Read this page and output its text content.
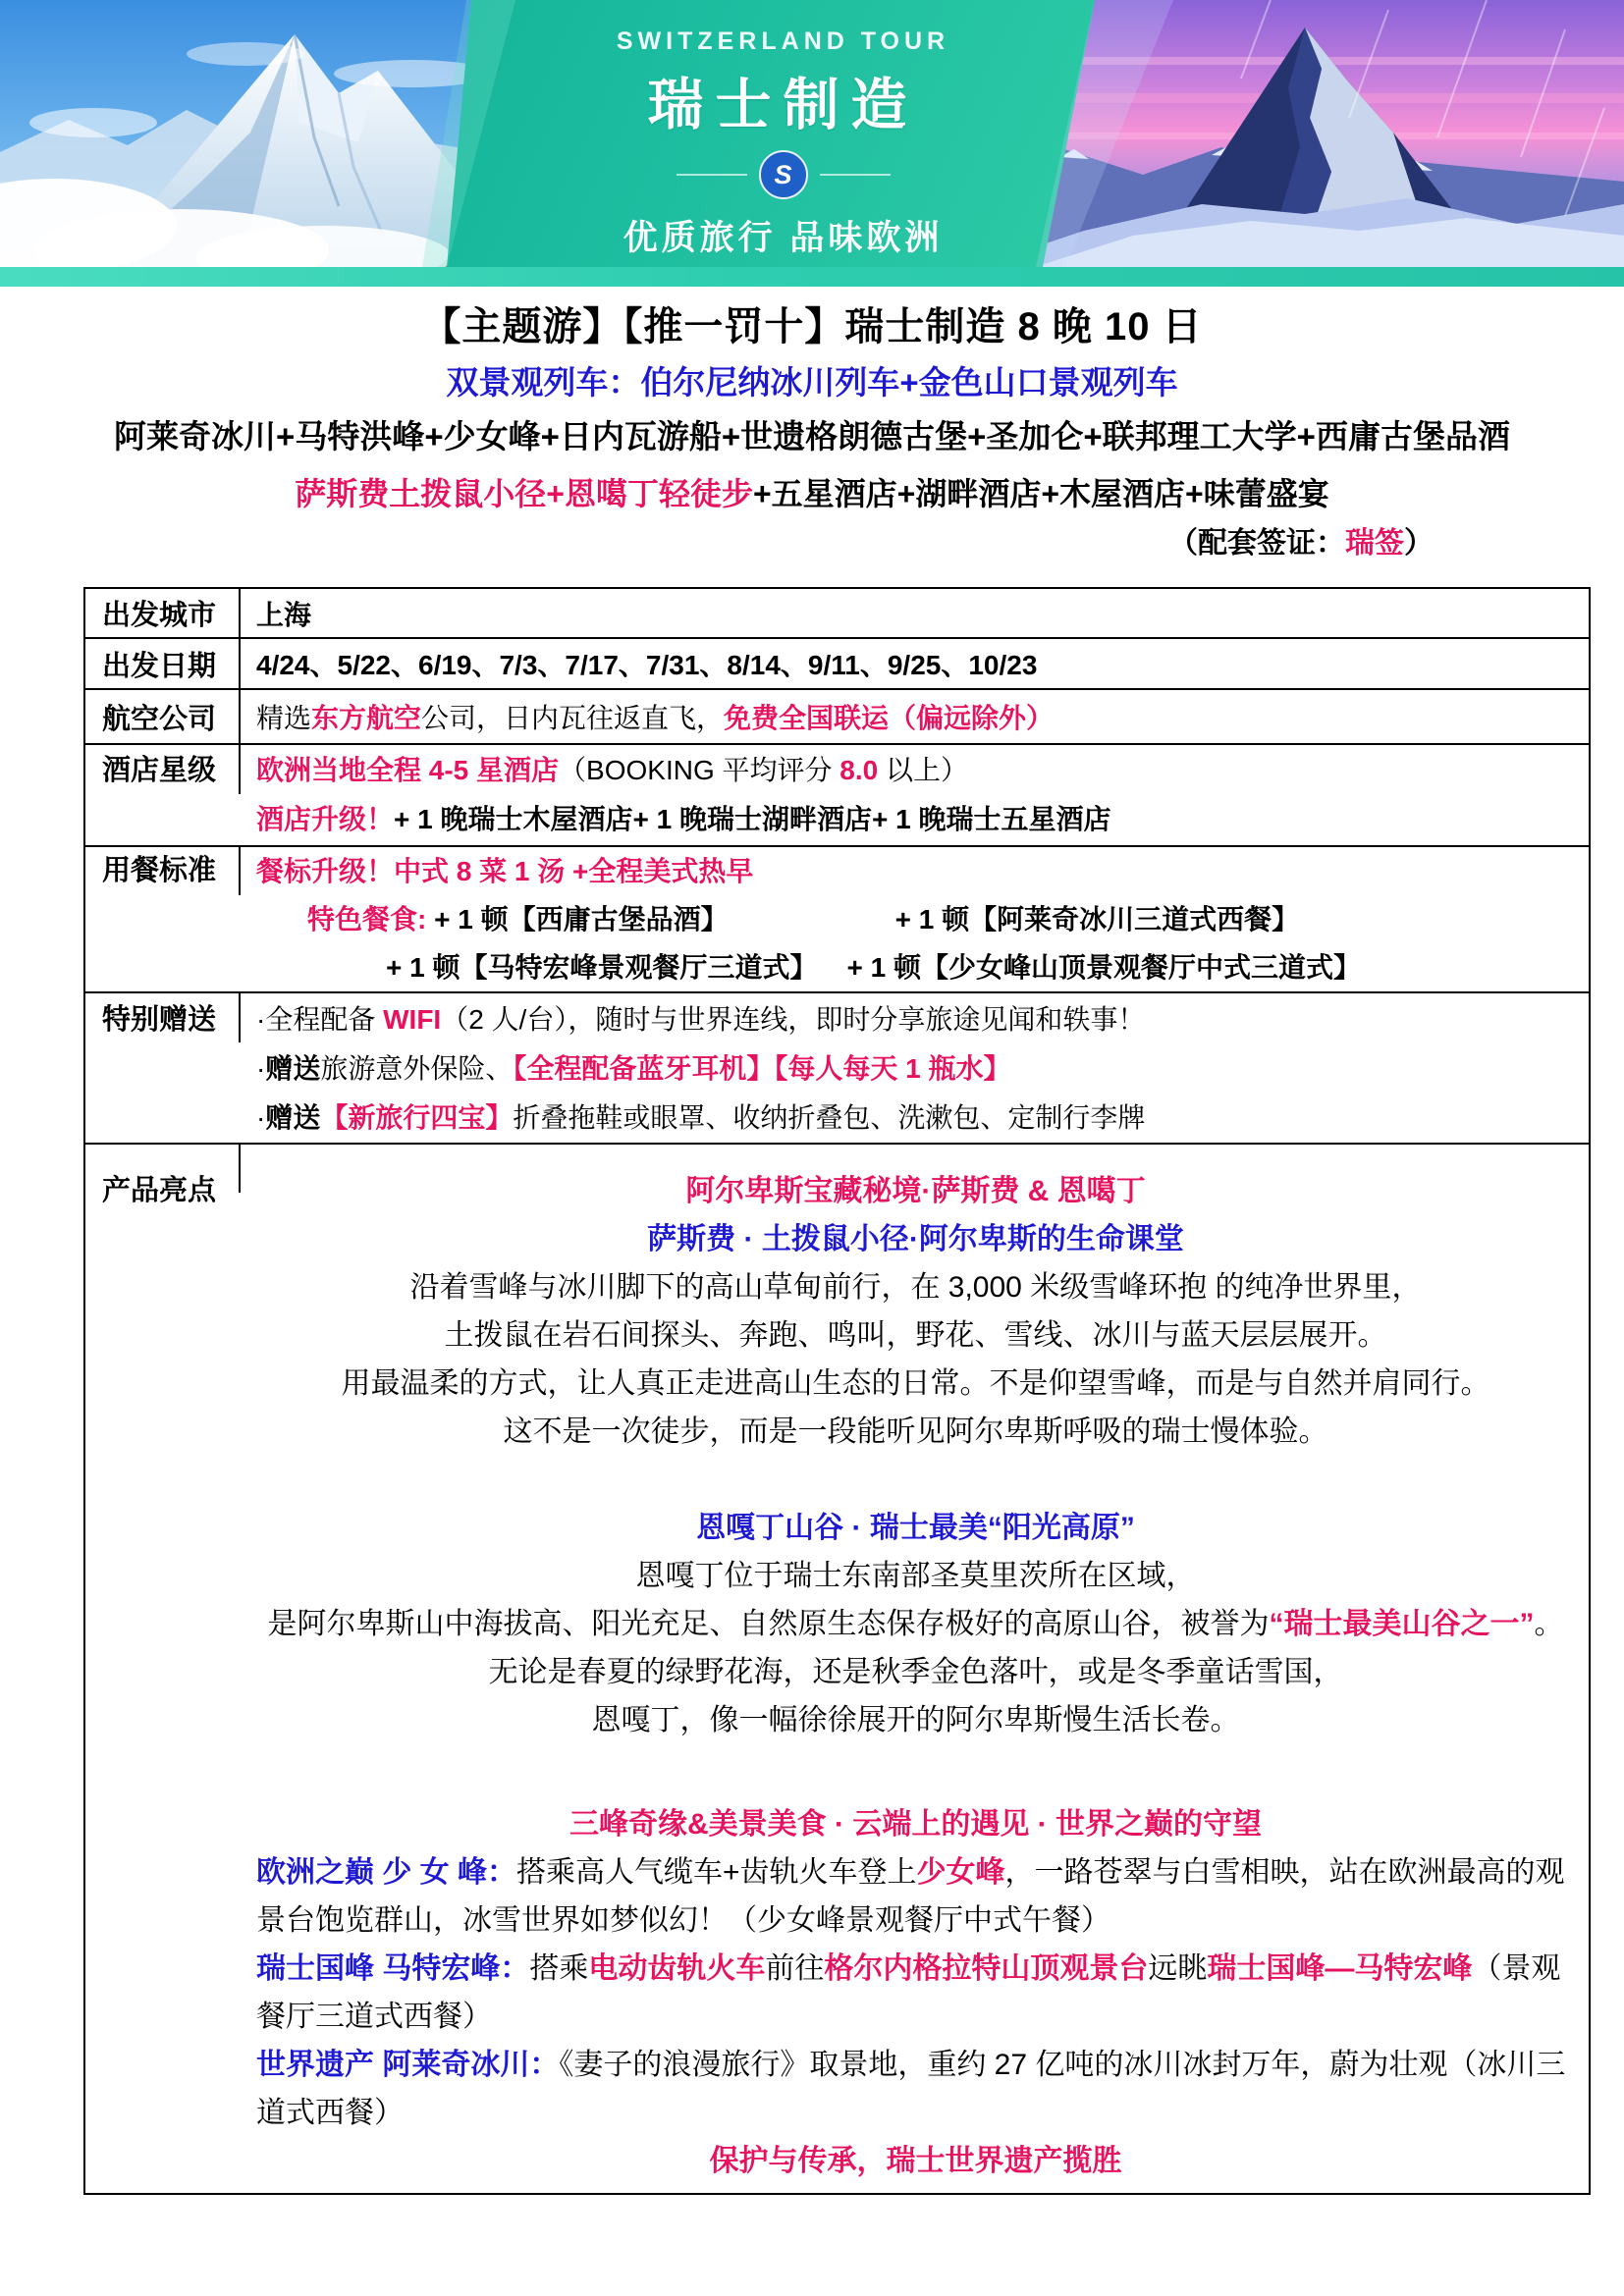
SWITZERLAND TOUR
瑞士制造
S
优质旅行 品味欧洲
【主题游】【推一罚十】瑞士制造 8 晚 10 日
双景观列车：伯尔尼纳冰川列车+金色山口景观列车
阿莱奇冰川+马特洪峰+少女峰+日内瓦游船+世遗格朗德古堡+圣加仑+联邦理工大学+西庸古堡品酒
萨斯费土拨鼠小径+恩噶丁轻徒步+五星酒店+湖畔酒店+木屋酒店+味蕾盛宴
（配套签证：瑞签）
出发城市	上海
出发日期	4/24、5/22、6/19、7/3、7/17、7/31、8/14、9/11、9/25、10/23
航空公司	精选 东方航空 公司，日内瓦往返直飞， 免费全国联运（偏远除外）
酒店星级	欧洲当地全程 4-5 星酒店（BOOKING 平均评分 8.0 以上）
酒店升级！+ 1 晚瑞士木屋酒店+ 1 晚瑞士湖畔酒店+ 1 晚瑞士五星酒店
用餐标准	餐标升级！中式 8 菜 1 汤 +全程美式热早
特色餐食: + 1 顿【西庸古堡品酒】	+ 1 顿【阿莱奇冰川三道式西餐】
+ 1 顿【马特宏峰景观餐厅三道式】 + 1 顿【少女峰山顶景观餐厅中式三道式】
特别赠送	·全程配备 WIFI（2 人/台），随时与世界连线，即时分享旅途见闻和轶事！
·赠送旅游意外保险、【全程配备蓝牙耳机】【每人每天 1 瓶水】
·赠送【新旅行四宝】折叠拖鞋或眼罩、收纳折叠包、洗漱包、定制行李牌
产品亮点	阿尔卑斯宝藏秘境·萨斯费 & 恩噶丁
萨斯费 · 土拨鼠小径·阿尔卑斯的生命课堂
沿着雪峰与冰川脚下的高山草甸前行，在 3,000 米级雪峰环抱 的纯净世界里，
土拨鼠在岩石间探头、奔跑、鸣叫，野花、雪线、冰川与蓝天层层展开。
用最温柔的方式，让人真正走进高山生态的日常。不是仰望雪峰，而是与自然并肩同行。
这不是一次徒步，而是一段能听见阿尔卑斯呼吸的瑞士慢体验。
恩嘎丁山谷 · 瑞士最美“阳光高原”
恩嘎丁位于瑞士东南部圣莫里茨所在区域，
是阿尔卑斯山中海拔高、阳光充足、自然原生态保存极好的高原山谷，被誉为“瑞士最美山谷之一”。
无论是春夏的绿野花海，还是秋季金色落叶，或是冬季童话雪国，
恩嘎丁，像一幅徐徐展开的阿尔卑斯慢生活长卷。
三峰奇缘&美景美食 · 云端上的遇见 · 世界之巅的守望
欧洲之巅 少 女 峰：搭乘高人气缆车+齿轨火车登上少女峰，一路苍翠与白雪相映，站在欧洲最高的观景台饱览群山，冰雪世界如梦似幻！（少女峰景观餐厅中式午餐）
瑞士国峰 马特宏峰：搭乘电动齿轨火车前往格尔内格拉特山顶观景台远眺瑞士国峰—马特宏峰（景观餐厅三道式西餐）
世界遗产 阿莱奇冰川：《妻子的浪漫旅行》取景地，重约 27 亿吨的冰川冰封万年，蔚为壮观（冰川三道式西餐）
保护与传承，瑞士世界遗产揽胜
